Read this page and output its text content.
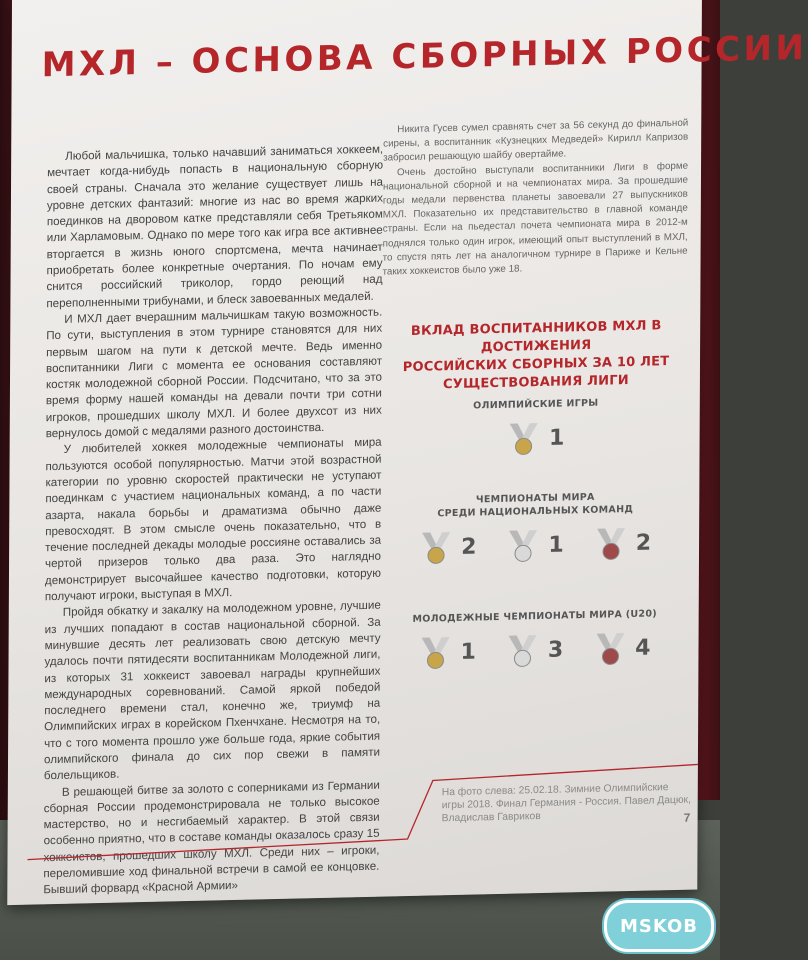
МХЛ – ОСНОВА СБОРНЫХ РОССИИ

Любой мальчишка, только начавший заниматься хоккеем, мечтает когда-нибудь попасть в национальную сборную своей страны. Сначала это желание существует лишь на уровне детских фантазий: многие из нас во время жарких поединков на дворовом катке представляли себя Третьяком или Харламовым. Однако по мере того как игра все активнее вторгается в жизнь юного спортсмена, мечта начинает приобретать более конкретные очертания. По ночам ему снится российский триколор, гордо реющий над переполненными трибунами, и блеск завоеванных медалей.

И МХЛ дает вчерашним мальчишкам такую возможность. По сути, выступления в этом турнире становятся для них первым шагом на пути к детской мечте. Ведь именно воспитанники Лиги с момента ее основания составляют костяк молодежной сборной России. Подсчитано, что за это время форму нашей команды на девали почти три сотни игроков, прошедших школу МХЛ. И более двухсот из них вернулось домой с медалями разного достоинства.

У любителей хоккея молодежные чемпионаты мира пользуются особой популярностью. Матчи этой возрастной категории по уровню скоростей практически не уступают поединкам с участием национальных команд, а по части азарта, накала борьбы и драматизма обычно даже превосходят. В этом смысле очень показательно, что в течение последней декады молодые россияне оставались за чертой призеров только два раза. Это наглядно демонстрирует высочайшее качество подготовки, которую получают игроки, выступая в МХЛ.

Пройдя обкатку и закалку на молодежном уровне, лучшие из лучших попадают в состав национальной сборной. За минувшие десять лет реализовать свою детскую мечту удалось почти пятидесяти воспитанникам Молодежной лиги, из которых 31 хоккеист завоевал награды крупнейших международных соревнований. Самой яркой победой последнего времени стал, конечно же, триумф на Олимпийских играх в корейском Пхенчхане. Несмотря на то, что с того момента прошло уже больше года, яркие события олимпийского финала до сих пор свежи в памяти болельщиков.

В решающей битве за золото с соперниками из Германии сборная России продемонстрировала не только высокое мастерство, но и несгибаемый характер. В этой связи особенно приятно, что в составе команды оказалось сразу 15 хоккеистов, прошедших школу МХЛ. Среди них – игроки, переломившие ход финальной встречи в самой ее концовке. Бывший форвард «Красной Армии»

Никита Гусев сумел сравнять счет за 56 секунд до финальной сирены, а воспитанник «Кузнецких Медведей» Кирилл Капризов забросил решающую шайбу овертайме.

Очень достойно выступали воспитанники Лиги в форме национальной сборной и на чемпионатах мира. За прошедшие годы медали первенства планеты завоевали 27 выпускников МХЛ. Показательно их представительство в главной команде страны. Если на пьедестал почета чемпионата мира в 2012-м поднялся только один игрок, имеющий опыт выступлений в МХЛ, то спустя пять лет на аналогичном турнире в Париже и Кельне таких хоккеистов было уже 18.

ВКЛАД ВОСПИТАННИКОВ МХЛ В ДОСТИЖЕНИЯ
РОССИЙСКИХ СБОРНЫХ ЗА 10 ЛЕТ
СУЩЕСТВОВАНИЯ ЛИГИ
ОЛИМПИЙСКИЕ ИГРЫ
1
ЧЕМПИОНАТЫ МИРА
СРЕДИ НАЦИОНАЛЬНЫХ КОМАНД
2	1	2
МОЛОДЕЖНЫЕ ЧЕМПИОНАТЫ МИРА (U20)
1	3	4
На фото слева: 25.02.18. Зимние Олимпийские игры 2018. Финал Германия - Россия. Павел Дацюк, Владислав Гавриков	7
MSKOB
